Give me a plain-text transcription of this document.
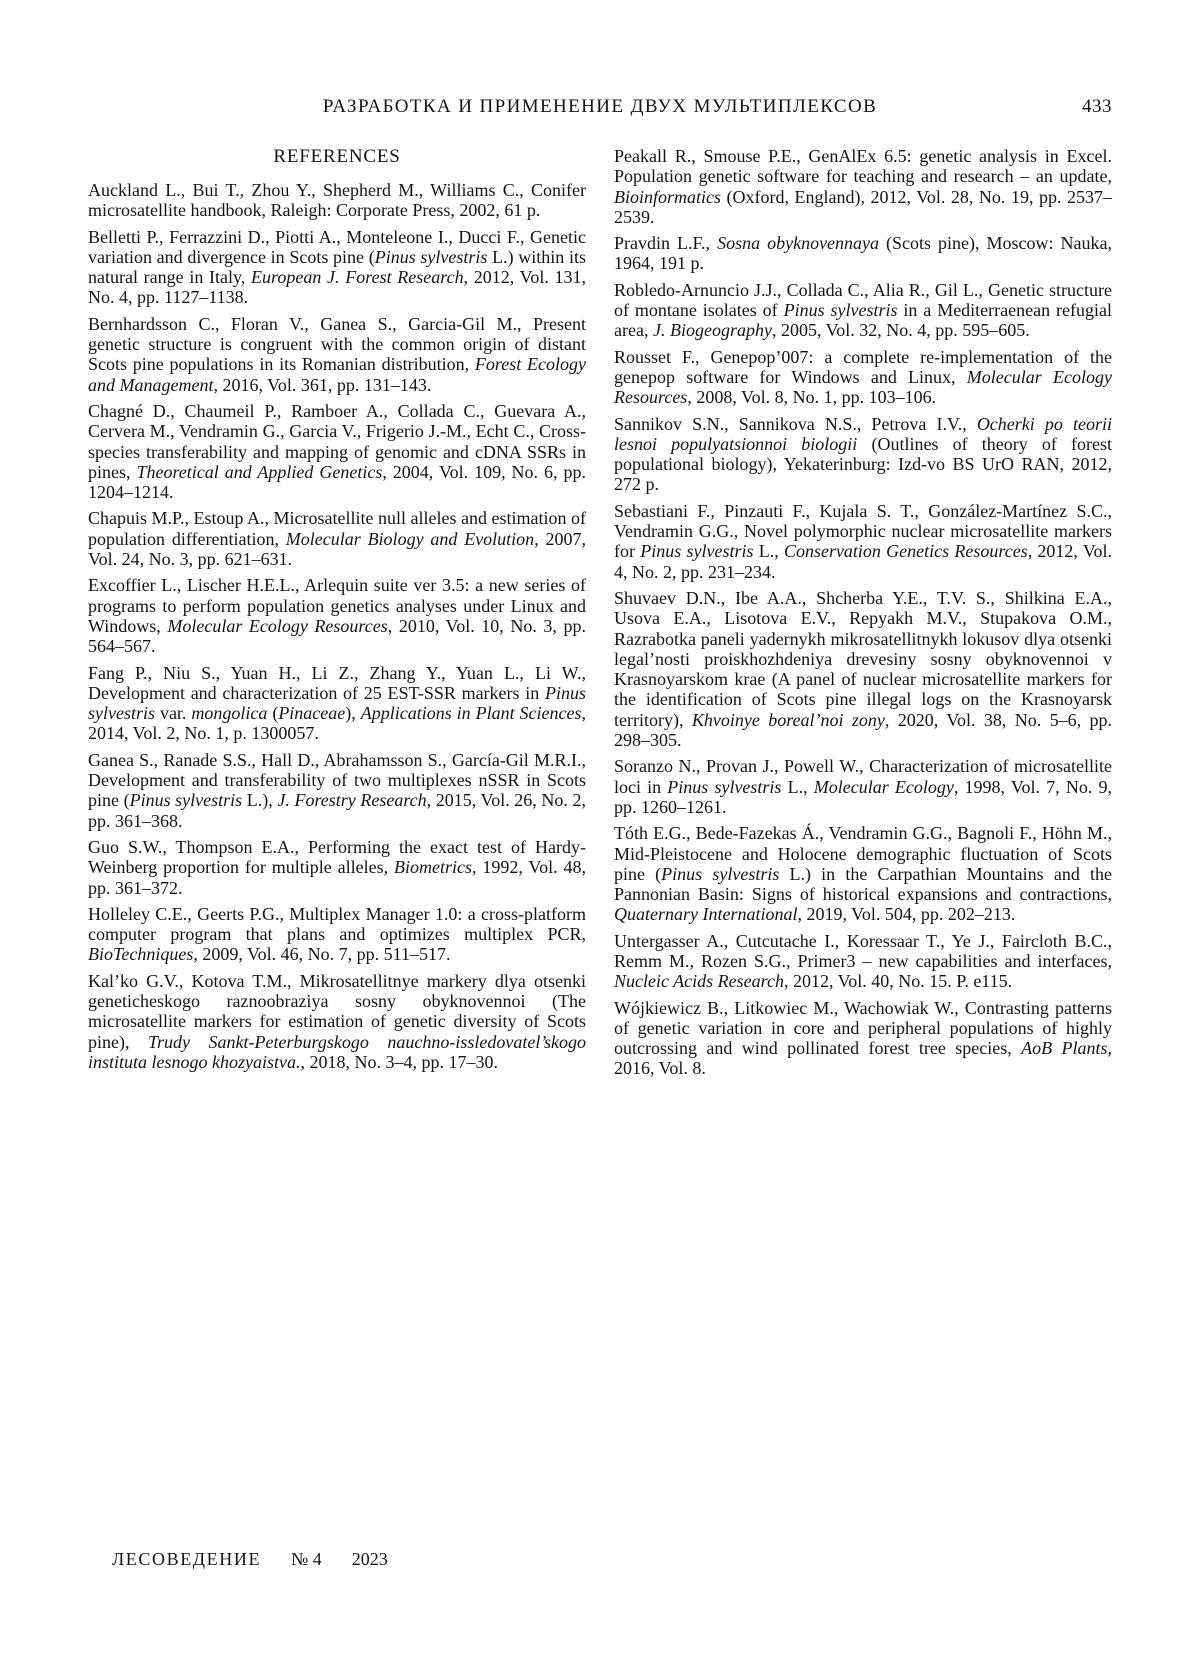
РАЗРАБОТКА И ПРИМЕНЕНИЕ ДВУХ МУЛЬТИПЛЕКСОВ	433
REFERENCES

Auckland L., Bui T., Zhou Y., Shepherd M., Williams C., Conifer microsatellite handbook, Raleigh: Corporate Press, 2002, 61 p.

Belletti P., Ferrazzini D., Piotti A., Monteleone I., Ducci F., Genetic variation and divergence in Scots pine (Pinus sylvestris L.) within its natural range in Italy, European J. Forest Research, 2012, Vol. 131, No. 4, pp. 1127–1138.

Bernhardsson C., Floran V., Ganea S., Garcia-Gil M., Present genetic structure is congruent with the common origin of distant Scots pine populations in its Romanian distribution, Forest Ecology and Management, 2016, Vol. 361, pp. 131–143.

Chagné D., Chaumeil P., Ramboer A., Collada C., Guevara A., Cervera M., Vendramin G., Garcia V., Frigerio J.-M., Echt C., Cross-species transferability and mapping of genomic and cDNA SSRs in pines, Theoretical and Applied Genetics, 2004, Vol. 109, No. 6, pp. 1204–1214.

Chapuis M.P., Estoup A., Microsatellite null alleles and estimation of population differentiation, Molecular Biology and Evolution, 2007, Vol. 24, No. 3, pp. 621–631.

Excoffier L., Lischer H.E.L., Arlequin suite ver 3.5: a new series of programs to perform population genetics analyses under Linux and Windows, Molecular Ecology Resources, 2010, Vol. 10, No. 3, pp. 564–567.

Fang P., Niu S., Yuan H., Li Z., Zhang Y., Yuan L., Li W., Development and characterization of 25 EST-SSR markers in Pinus sylvestris var. mongolica (Pinaceae), Applications in Plant Sciences, 2014, Vol. 2, No. 1, p. 1300057.

Ganea S., Ranade S.S., Hall D., Abrahamsson S., García-Gil M.R.I., Development and transferability of two multiplexes nSSR in Scots pine (Pinus sylvestris L.), J. Forestry Research, 2015, Vol. 26, No. 2, pp. 361–368.

Guo S.W., Thompson E.A., Performing the exact test of Hardy-Weinberg proportion for multiple alleles, Biometrics, 1992, Vol. 48, pp. 361–372.

Holleley C.E., Geerts P.G., Multiplex Manager 1.0: a cross-platform computer program that plans and optimizes multiplex PCR, BioTechniques, 2009, Vol. 46, No. 7, pp. 511–517.

Kal’ko G.V., Kotova T.M., Mikrosatellitnye markery dlya otsenki geneticheskogo raznoobraziya sosny obyknovennoi (The microsatellite markers for estimation of genetic diversity of Scots pine), Trudy Sankt-Peterburgskogo nauchno-issledovatel’skogo instituta lesnogo khozyaistva., 2018, No. 3–4, pp. 17–30.

Peakall R., Smouse P.E., GenAlEx 6.5: genetic analysis in Excel. Population genetic software for teaching and research – an update, Bioinformatics (Oxford, England), 2012, Vol. 28, No. 19, pp. 2537–2539.

Pravdin L.F., Sosna obyknovennaya (Scots pine), Moscow: Nauka, 1964, 191 p.

Robledo-Arnuncio J.J., Collada C., Alia R., Gil L., Genetic structure of montane isolates of Pinus sylvestris in a Mediterraenean refugial area, J. Biogeography, 2005, Vol. 32, No. 4, pp. 595–605.

Rousset F., Genepop’007: a complete re-implementation of the genepop software for Windows and Linux, Molecular Ecology Resources, 2008, Vol. 8, No. 1, pp. 103–106.

Sannikov S.N., Sannikova N.S., Petrova I.V., Ocherki po teorii lesnoi populyatsionnoi biologii (Outlines of theory of forest populational biology), Yekaterinburg: Izd-vo BS UrO RAN, 2012, 272 p.

Sebastiani F., Pinzauti F., Kujala S. T., González-Martínez S.C., Vendramin G.G., Novel polymorphic nuclear microsatellite markers for Pinus sylvestris L., Conservation Genetics Resources, 2012, Vol. 4, No. 2, pp. 231–234.

Shuvaev D.N., Ibe A.A., Shcherba Y.E., T.V. S., Shilkina E.A., Usova E.A., Lisotova E.V., Repyakh M.V., Stupakova O.M., Razrabotka paneli yadernykh mikrosatellitnykh lokusov dlya otsenki legal’nosti proiskhozhdeniya drevesiny sosny obyknovennoi v Krasnoyarskom krae (A panel of nuclear microsatellite markers for the identification of Scots pine illegal logs on the Krasnoyarsk territory), Khvoinye boreal’noi zony, 2020, Vol. 38, No. 5–6, pp. 298–305.

Soranzo N., Provan J., Powell W., Characterization of microsatellite loci in Pinus sylvestris L., Molecular Ecology, 1998, Vol. 7, No. 9, pp. 1260–1261.

Tóth E.G., Bede-Fazekas Á., Vendramin G.G., Bagnoli F., Höhn M., Mid-Pleistocene and Holocene demographic fluctuation of Scots pine (Pinus sylvestris L.) in the Carpathian Mountains and the Pannonian Basin: Signs of historical expansions and contractions, Quaternary International, 2019, Vol. 504, pp. 202–213.

Untergasser A., Cutcutache I., Koressaar T., Ye J., Faircloth B.C., Remm M., Rozen S.G., Primer3 – new capabilities and interfaces, Nucleic Acids Research, 2012, Vol. 40, No. 15. P. e115.

Wójkiewicz B., Litkowiec M., Wachowiak W., Contrasting patterns of genetic variation in core and peripheral populations of highly outcrossing and wind pollinated forest tree species, AoB Plants, 2016, Vol. 8.

ЛЕСОВЕДЕНИЕ № 4 2023
